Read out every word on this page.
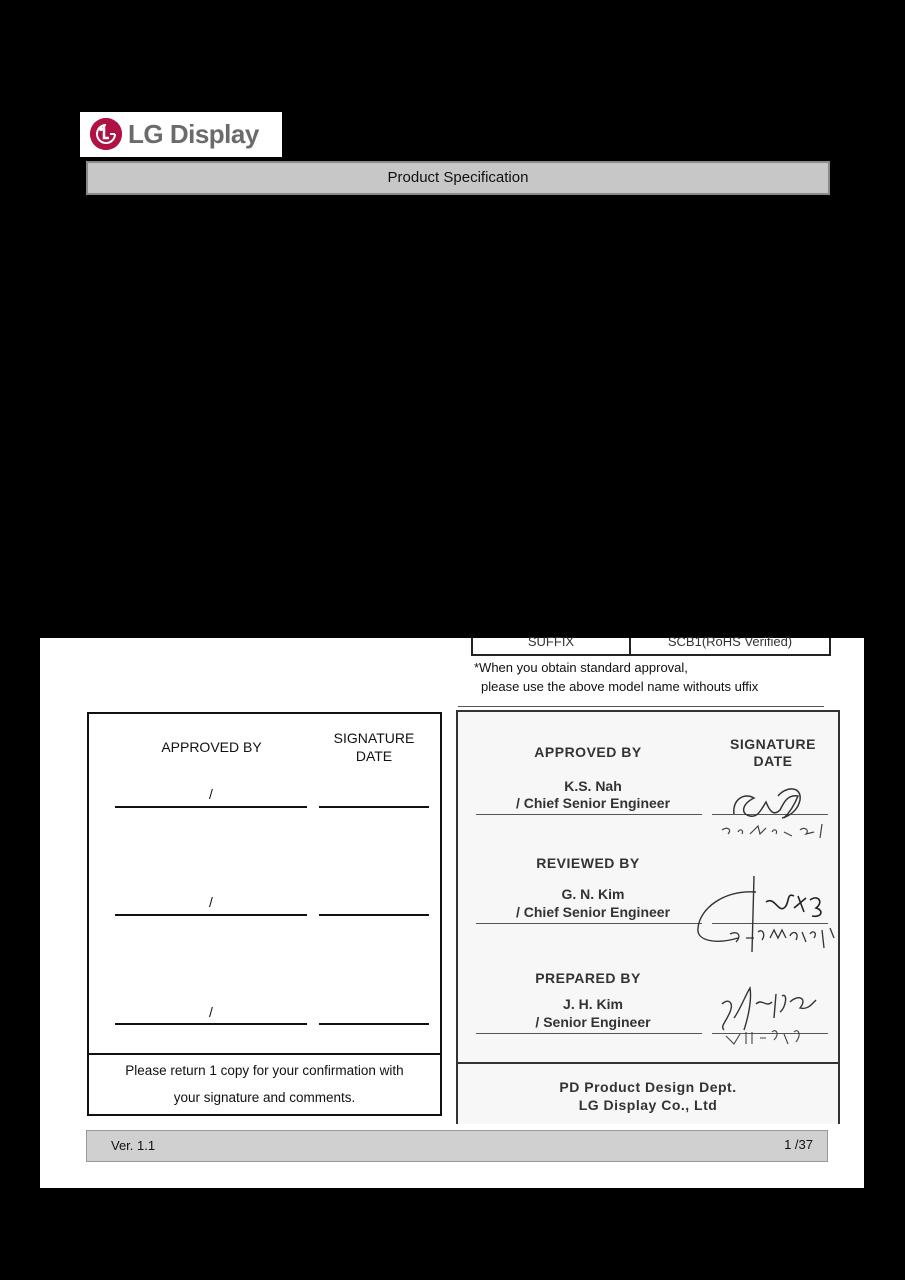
LG Display
Product Specification
SUFFIX	SCB1(RoHS Verified)
*When you obtain standard approval,
please use the above model name withouts uffix
APPROVED BY
SIGNATURE
DATE
/
/
/
Please return 1 copy for your confirmation with
your signature and comments.
SIGNATURE
DATE
APPROVED BY
K.S. Nah
/ Chief Senior Engineer
REVIEWED BY
G. N. Kim
/ Chief Senior Engineer
PREPARED BY
J. H. Kim
/ Senior Engineer
PD Product Design Dept.
LG Display Co., Ltd
Ver. 1.1	1 /37
